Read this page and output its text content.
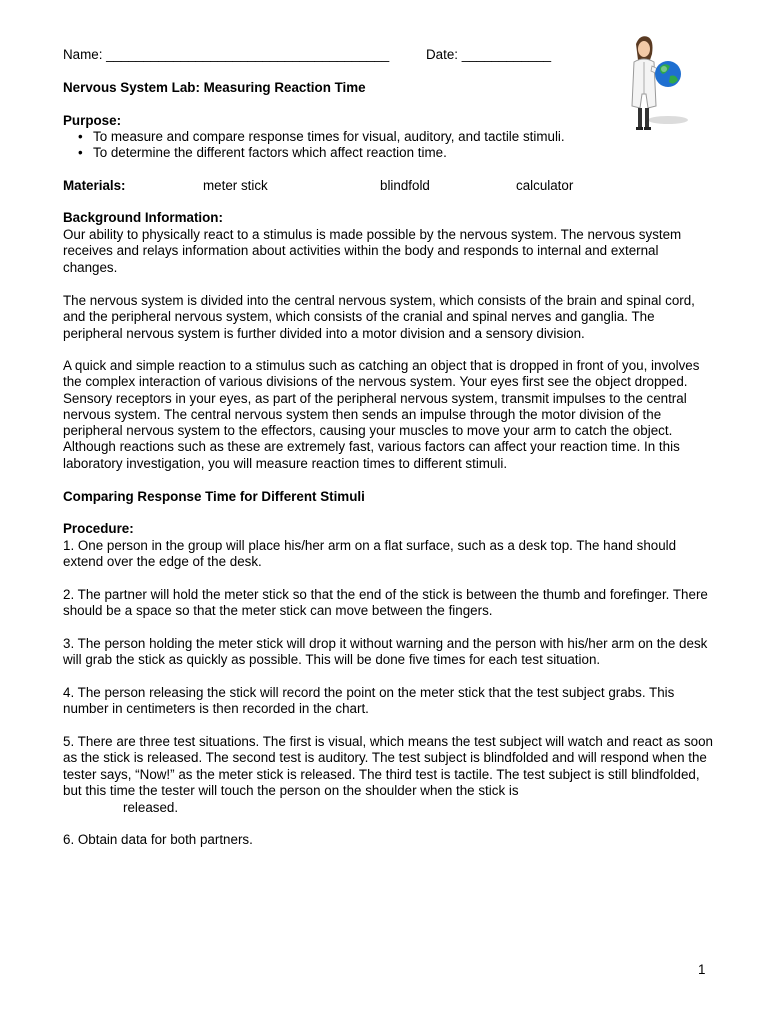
Name: ______________________________________	Date: ____________
Nervous System Lab: Measuring Reaction Time
Purpose:
• To measure and compare response times for visual, auditory, and tactile stimuli.
• To determine the different factors which affect reaction time.
Materials:	meter stick	blindfold	calculator
Background Information:

Our ability to physically react to a stimulus is made possible by the nervous system. The nervous system receives and relays information about activities within the body and responds to internal and external changes.

The nervous system is divided into the central nervous system, which consists of the brain and spinal cord, and the peripheral nervous system, which consists of the cranial and spinal nerves and ganglia. The peripheral nervous system is further divided into a motor division and a sensory division.

A quick and simple reaction to a stimulus such as catching an object that is dropped in front of you, involves the complex interaction of various divisions of the nervous system. Your eyes first see the object dropped. Sensory receptors in your eyes, as part of the peripheral nervous system, transmit impulses to the central nervous system. The central nervous system then sends an impulse through the motor division of the peripheral nervous system to the effectors, causing your muscles to move your arm to catch the object. Although reactions such as these are extremely fast, various factors can affect your reaction time. In this laboratory investigation, you will measure reaction times to different stimuli.

Comparing Response Time for Different Stimuli
Procedure:

1. One person in the group will place his/her arm on a flat surface, such as a desk top. The hand should extend over the edge of the desk.

2. The partner will hold the meter stick so that the end of the stick is between the thumb and forefinger. There should be a space so that the meter stick can move between the fingers.

3. The person holding the meter stick will drop it without warning and the person with his/her arm on the desk will grab the stick as quickly as possible. This will be done five times for each test situation.

4. The person releasing the stick will record the point on the meter stick that the test subject grabs. This number in centimeters is then recorded in the chart.

5. There are three test situations. The first is visual, which means the test subject will watch and react as soon as the stick is released. The second test is auditory. The test subject is blindfolded and will respond when the tester says, “Now!” as the meter stick is released. The third test is tactile. The test subject is still blindfolded, but this time the tester will touch the person on the shoulder when the stick is

released.
6. Obtain data for both partners.
1
